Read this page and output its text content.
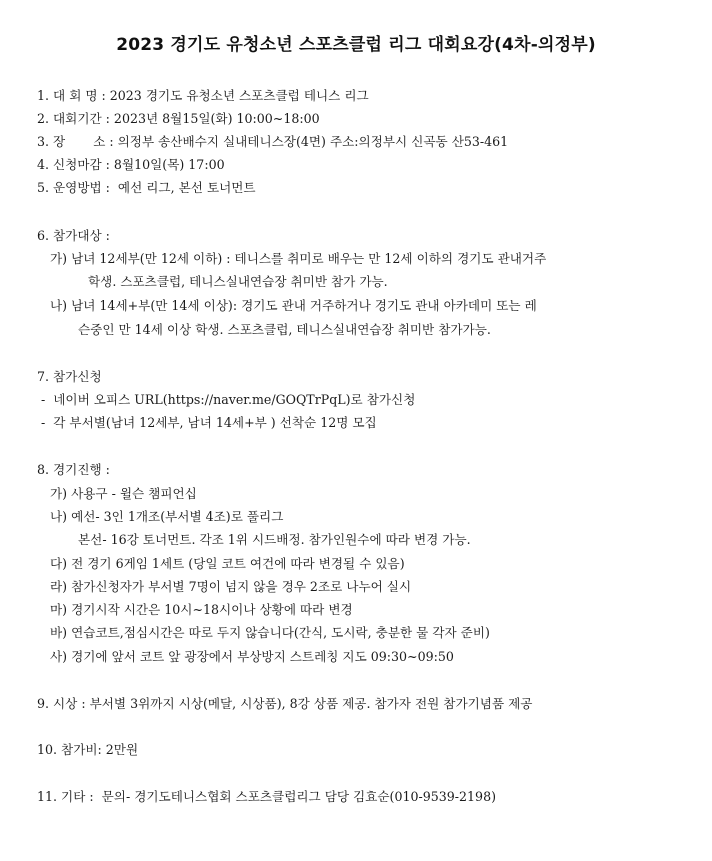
2023 경기도 유청소년 스포츠클럽 리그 대회요강(4차-의정부)
1. 대 회 명 : 2023 경기도 유청소년 스포츠클럽 테니스 리그
2. 대회기간 : 2023년 8월15일(화) 10:00~18:00
3. 장       소 : 의정부 송산배수지 실내테니스장(4면) 주소:의정부시 신곡동 산53-461
4. 신청마감 : 8월10일(목) 17:00
5. 운영방법 :  예선 리그, 본선 토너먼트
6. 참가대상 :
가) 남녀 12세부(만 12세 이하) : 테니스를 취미로 배우는 만 12세 이하의 경기도 관내거주
학생. 스포츠클럽, 테니스실내연습장 취미반 참가 가능.
나) 남녀 14세+부(만 14세 이상): 경기도 관내 거주하거나 경기도 관내 아카데미 또는 레
슨중인 만 14세 이상 학생. 스포츠클럽, 테니스실내연습장 취미반 참가가능.
7. 참가신청
-  네이버 오피스 URL(https://naver.me/GOQTrPqL)로 참가신청
-  각 부서별(남녀 12세부, 남녀 14세+부 ) 선착순 12명 모집
8. 경기진행 :
가) 사용구 - 윌슨 챔피언십
나) 예선- 3인 1개조(부서별 4조)로 풀리그
본선- 16강 토너먼트. 각조 1위 시드배정. 참가인원수에 따라 변경 가능.
다) 전 경기 6게임 1세트 (당일 코트 여건에 따라 변경될 수 있음)
라) 참가신청자가 부서별 7명이 넘지 않을 경우 2조로 나누어 실시
마) 경기시작 시간은 10시~18시이나 상황에 따라 변경
바) 연습코트,점심시간은 따로 두지 않습니다(간식, 도시락, 충분한 물 각자 준비)
사) 경기에 앞서 코트 앞 광장에서 부상방지 스트레칭 지도 09:30~09:50
9. 시상 : 부서별 3위까지 시상(메달, 시상품), 8강 상품 제공. 참가자 전원 참가기념품 제공
10. 참가비: 2만원
11. 기타 :  문의- 경기도테니스협회 스포츠클럽리그 담당 김효순(010-9539-2198)
